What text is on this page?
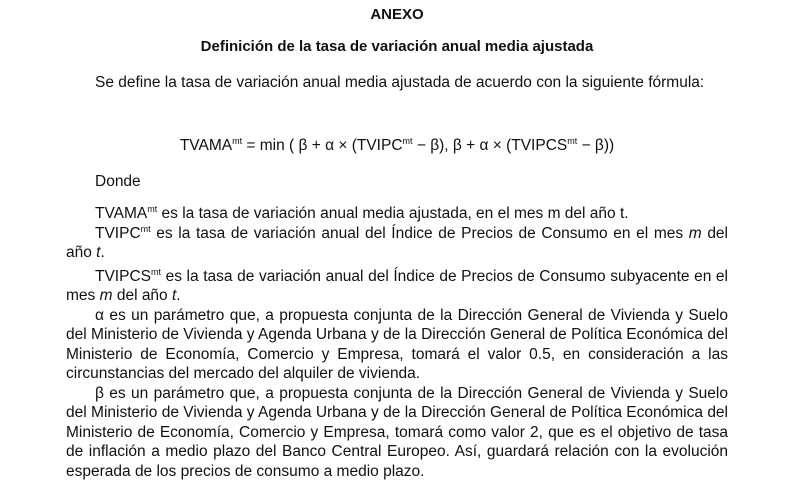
ANEXO
Definición de la tasa de variación anual media ajustada

Se define la tasa de variación anual media ajustada de acuerdo con la siguiente fórmula:

$TVAMA^{mt} = \min$ ( $\beta + \alpha \times (TVIPC^{mt} - \beta)$, $\beta + \alpha \times (TVIPCS^{mt} - \beta)$)
Donde

$TVAMA^{mt}$ es la tasa de variación anual media ajustada, en el mes m del año t.

$TVIPC^{mt}$ es la tasa de variación anual del Índice de Precios de Consumo en el mes m del año t.

$TVIPCS^{mt}$ es la tasa de variación anual del Índice de Precios de Consumo subyacente en el mes m del año t.

α es un parámetro que, a propuesta conjunta de la Dirección General de Vivienda y Suelo del Ministerio de Vivienda y Agenda Urbana y de la Dirección General de Política Económica del Ministerio de Economía, Comercio y Empresa, tomará el valor 0.5, en consideración a las circunstancias del mercado del alquiler de vivienda.

β es un parámetro que, a propuesta conjunta de la Dirección General de Vivienda y Suelo del Ministerio de Vivienda y Agenda Urbana y de la Dirección General de Política Económica del Ministerio de Economía, Comercio y Empresa, tomará como valor 2, que es el objetivo de tasa de inflación a medio plazo del Banco Central Europeo. Así, guardará relación con la evolución esperada de los precios de consumo a medio plazo.
